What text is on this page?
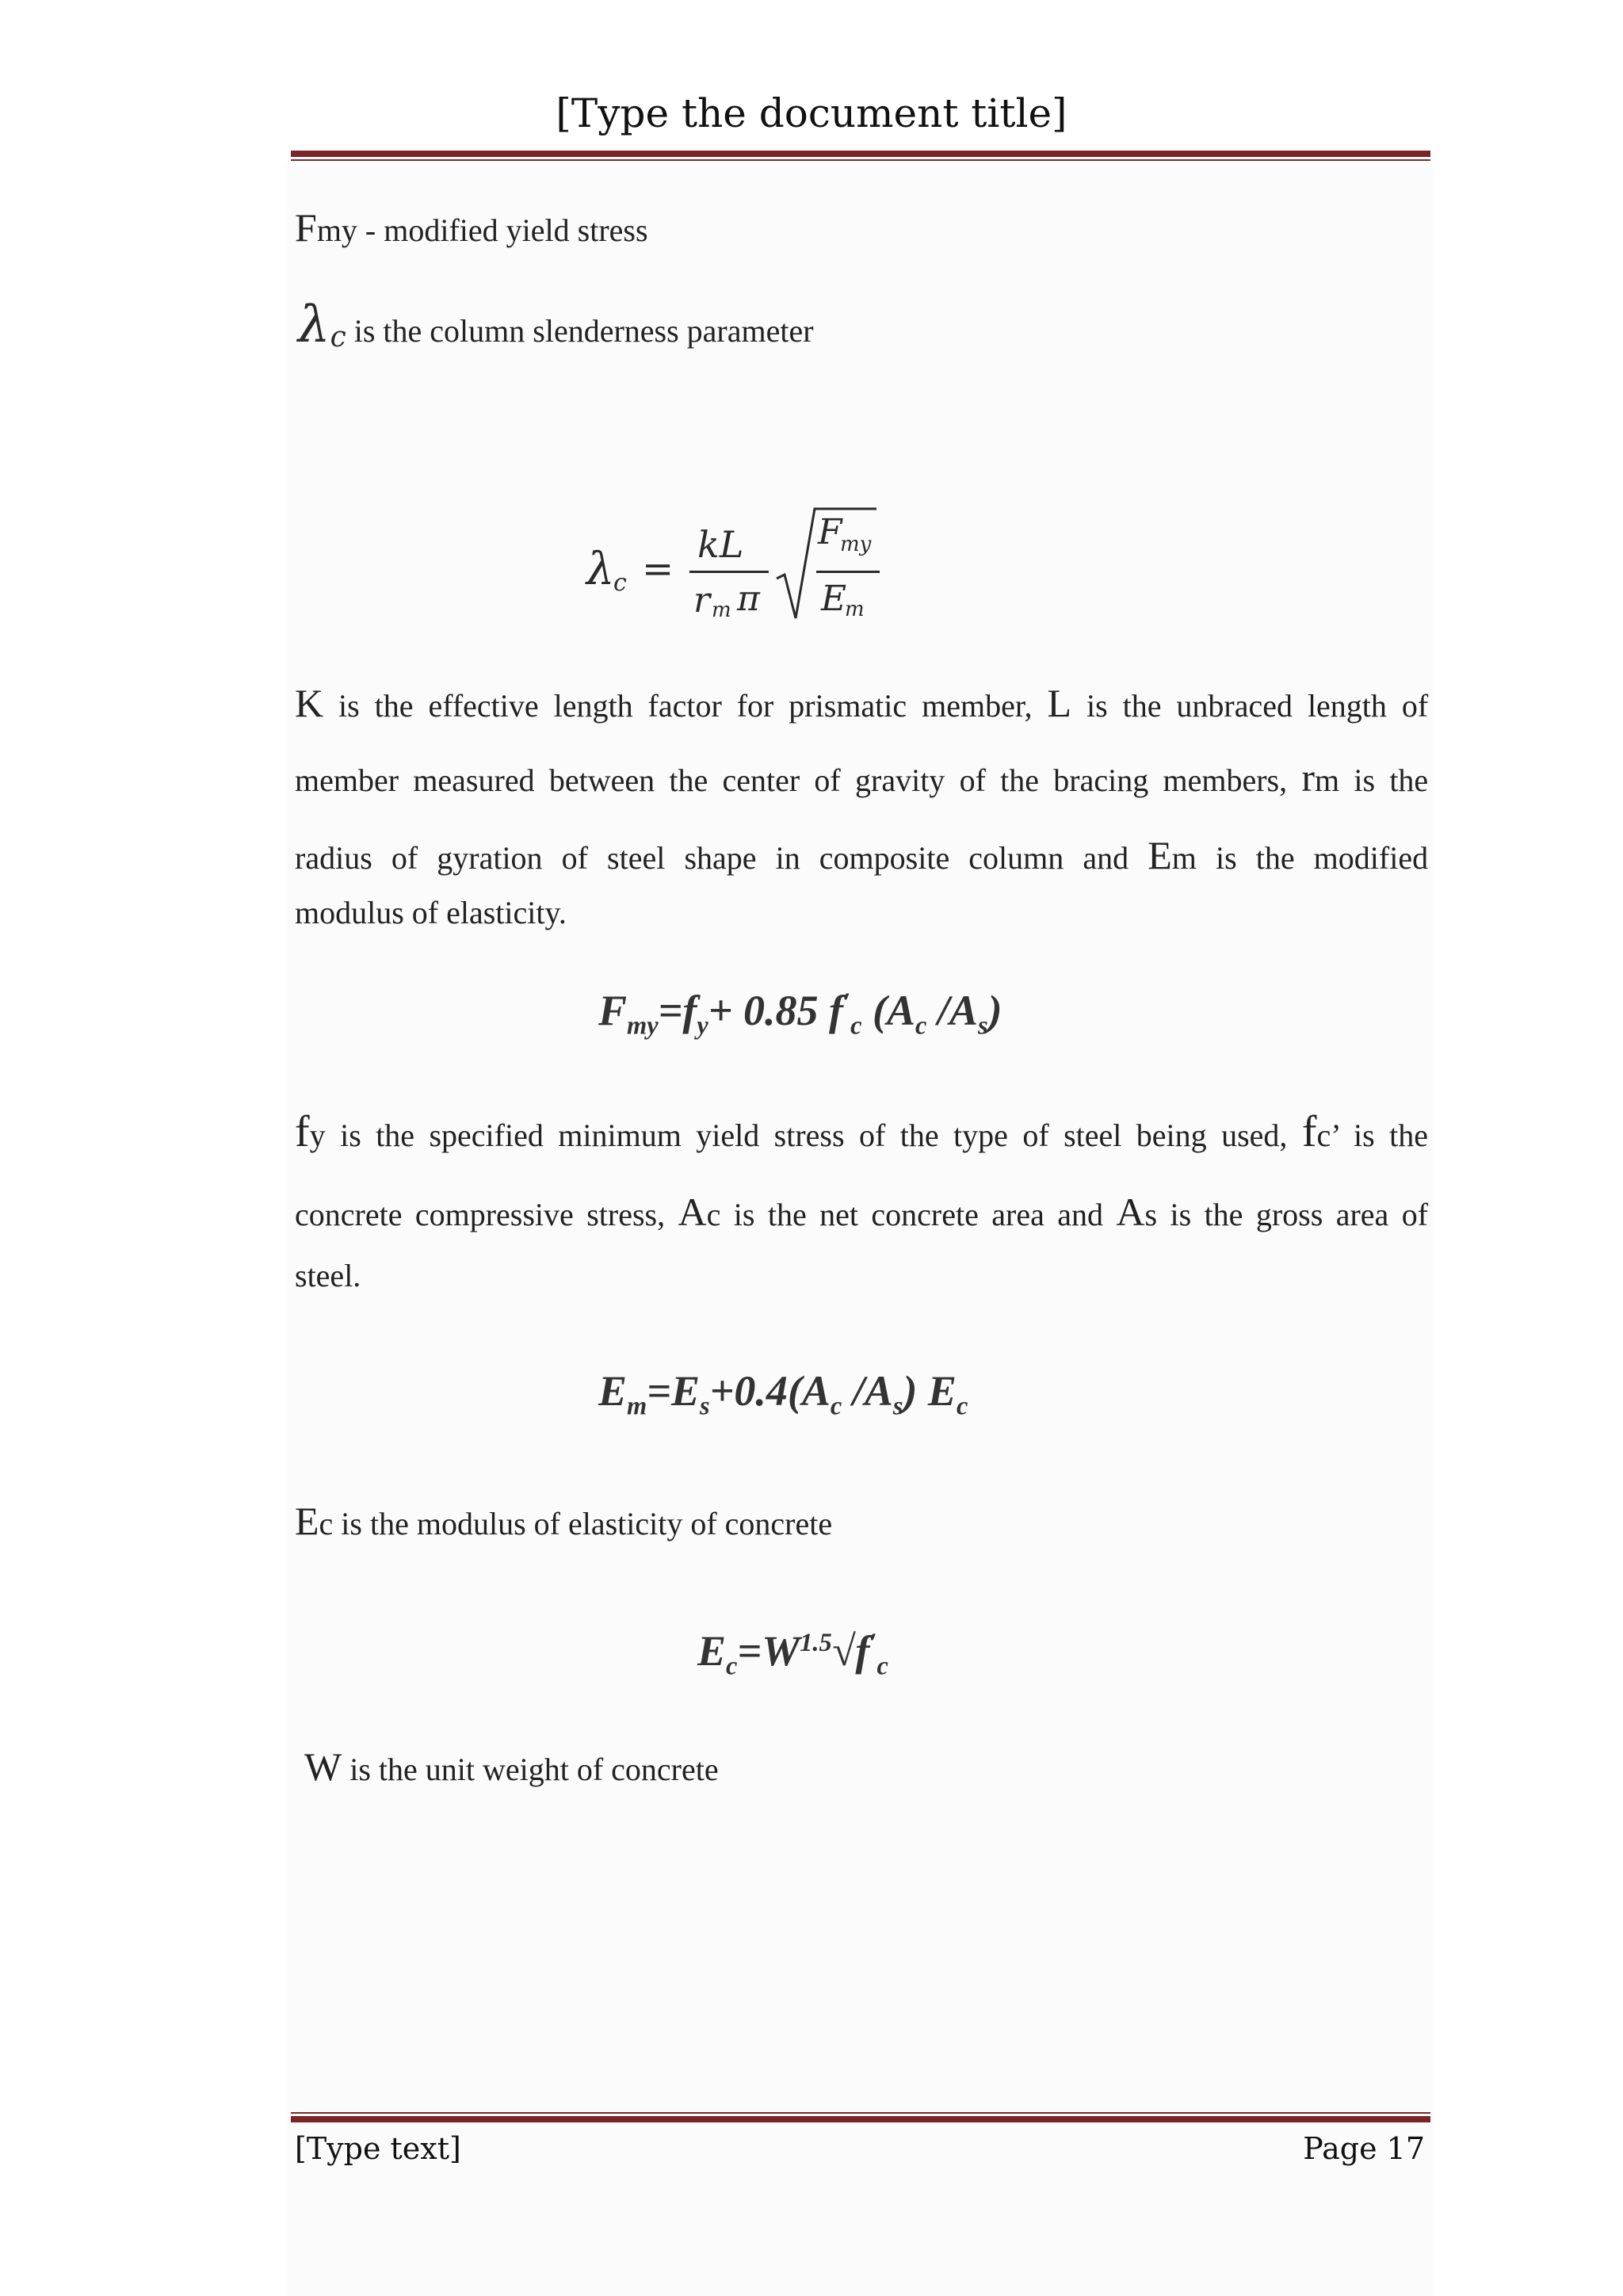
[Type the document title]
Fmy - modified yield stress
λc is the column slenderness parameter
λ
c =
kL
r m π
F
my
E
m
K is the effective length factor for prismatic member, L is the unbraced length of
member measured between the center of gravity of the bracing members, rm is the
radius of gyration of steel shape in composite column and Em is the modified
modulus of elasticity.
$F_{my}=f_y+ 0.85$ $f'_c$ ($A_c$ $/A_s$)
fy is the specified minimum yield stress of the type of steel being used, fc’ is the
concrete compressive stress, Ac is the net concrete area and As is the gross area of
steel.
$E_m=E_s+0.4(A_c$ $/A_s$) $E_c$
Ec is the modulus of elasticity of concrete
$E_c=W^{1.5}√f'_c$
W is the unit weight of concrete
[Type text]	Page 17
